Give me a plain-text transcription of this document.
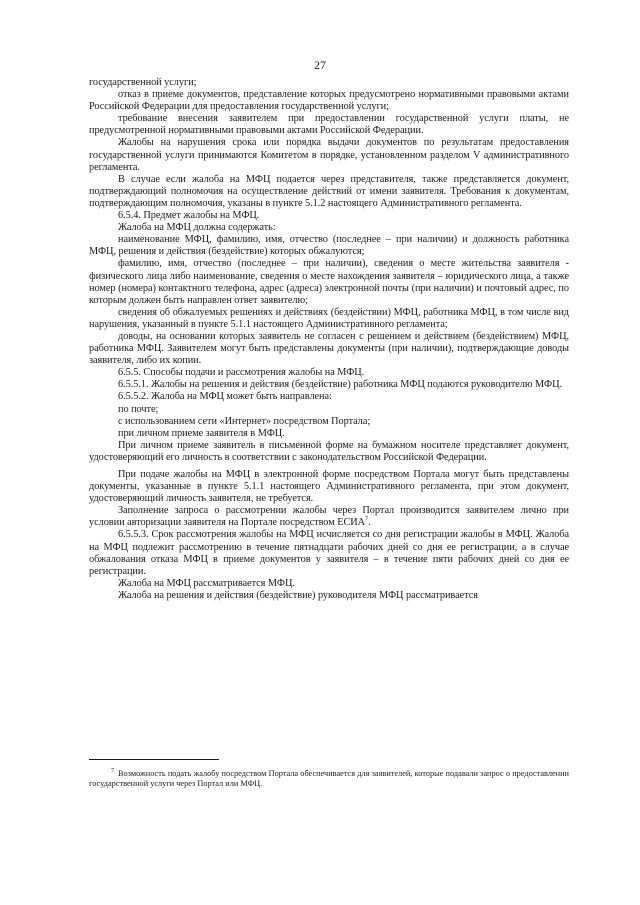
27

государственной услуги;

отказ в приеме документов, представление которых предусмотрено нормативными правовыми актами Российской Федерации для предоставления государственной услуги;

требование внесения заявителем при предоставлении государственной услуги платы, не предусмотренной нормативными правовыми актами Российской Федерации.

Жалобы на нарушения срока или порядка выдачи документов по результатам предоставления государственной услуги принимаются Комитетом в порядке, установленном разделом V административного регламента.

В случае если жалоба на МФЦ подается через представителя, также представляется документ, подтверждающий полномочия на осуществление действий от имени заявителя. Требования к документам, подтверждающим полномочия, указаны в пункте 5.1.2 настоящего Административного регламента.

6.5.4. Предмет жалобы на МФЦ.

Жалоба на МФЦ должна содержать:

наименование МФЦ, фамилию, имя, отчество (последнее – при наличии) и должность работника МФЦ, решения и действия (бездействие) которых обжалуются;

фамилию, имя, отчество (последнее – при наличии), сведения о месте жительства заявителя - физического лица либо наименование, сведения о месте нахождения заявителя – юридического лица, а также номер (номера) контактного телефона, адрес (адреса) электронной почты (при наличии) и почтовый адрес, по которым должен быть направлен ответ заявителю;

сведения об обжалуемых решениях и действиях (бездействии) МФЦ, работника МФЦ, в том числе вид нарушения, указанный в пункте 5.1.1 настоящего Административного регламента;

доводы, на основании которых заявитель не согласен с решением и действием (бездействием) МФЦ, работника МФЦ. Заявителем могут быть представлены документы (при наличии), подтверждающие доводы заявителя, либо их копии.

6.5.5. Способы подачи и рассмотрения жалобы на МФЦ.

6.5.5.1. Жалобы на решения и действия (бездействие) работника МФЦ подаются руководителю МФЦ.

6.5.5.2. Жалоба на МФЦ может быть направлена:

по почте;

с использованием сети «Интернет» посредством Портала;

при личном приеме заявителя в МФЦ.

При личном приеме заявитель в письменной форме на бумажном носителе представляет документ, удостоверяющий его личность в соответствии с законодательством Российской Федерации.

При подаче жалобы на МФЦ в электронной форме посредством Портала могут быть представлены документы, указанные в пункте 5.1.1 настоящего Административного регламента, при этом документ, удостоверяющий личность заявителя, не требуется.

Заполнение запроса о рассмотрении жалобы через Портал производится заявителем лично при условии авторизации заявителя на Портале посредством ЕСИА$^7$.

6.5.5.3. Срок рассмотрения жалобы на МФЦ исчисляется со дня регистрации жалобы в МФЦ. Жалоба на МФЦ подлежит рассмотрению в течение пятнадцати рабочих дней со дня ее регистрации, а в случае обжалования отказа МФЦ в приеме документов у заявителя – в течение пяти рабочих дней со дня ее регистрации.

Жалоба на МФЦ рассматривается МФЦ.

Жалоба на решения и действия (бездействие) руководителя МФЦ рассматривается

$^7$ Возможность подать жалобу посредством Портала обеспечивается для заявителей, которые подавали запрос о предоставлении государственной услуги через Портал или МФЦ.
